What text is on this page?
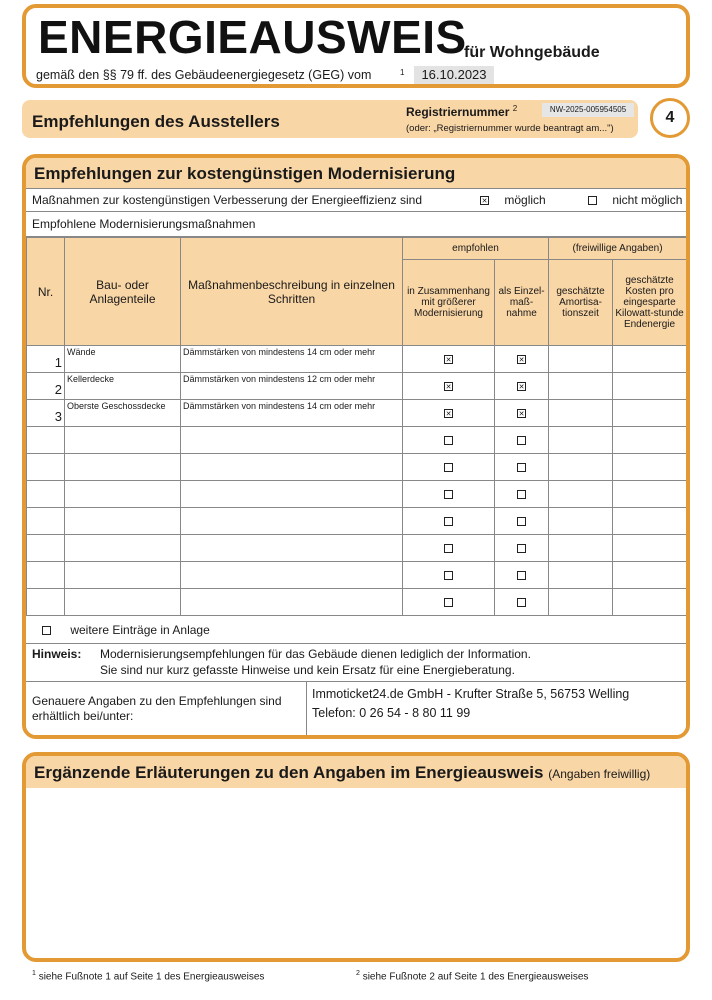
ENERGIEAUSWEIS
für Wohngebäude
gemäß den §§ 79 ff. des Gebäudeenergiegesetz (GEG) vom	1	16.10.2023
Empfehlungen des Ausstellers	Registriernummer $^2$	NW-2025-005954505
(oder: „Registriernummer wurde beantragt am...")
4
Empfehlungen zur kostengünstigen Modernisierung
Maßnahmen zur kostengünstigen Verbesserung der Energieeffizienz sind ✕	möglich	nicht möglich
Empfohlene Modernisierungsmaßnahmen
Nr.	Bau- oder Anlagenteile	Maßnahmenbeschreibung in einzelnen Schritten	empfohlen		(freiwillige Angaben)	
			in Zusammenhang mit größerer Modernisierung	als Einzel-maß-nahme	geschätzte Amortisa-tionszeit	geschätzte Kosten pro eingesparte Kilowatt-stunde Endenergie
1	Wände	Dämmstärken von mindestens 14 cm oder mehr	✕	✕		
2	Kellerdecke	Dämmstärken von mindestens 12 cm oder mehr	✕	✕		
3	Oberste Geschossdecke	Dämmstärken von mindestens 14 cm oder mehr	✕	✕		

weitere Einträge in Anlage
Hinweis: Modernisierungsempfehlungen für das Gebäude dienen lediglich der Information.
Sie sind nur kurz gefasste Hinweise und kein Ersatz für eine Energieberatung.
Genauere Angaben zu den Empfehlungen sind erhältlich bei/unter:
Immoticket24.de GmbH - Krufter Straße 5, 56753 Welling
Telefon: 0 26 54 - 8 80 11 99
Ergänzende Erläuterungen zu den Angaben im Energieausweis (Angaben freiwillig)
$^1$ siehe Fußnote 1 auf Seite 1 des Energieausweises	$^2$ siehe Fußnote 2 auf Seite 1 des Energieausweises
